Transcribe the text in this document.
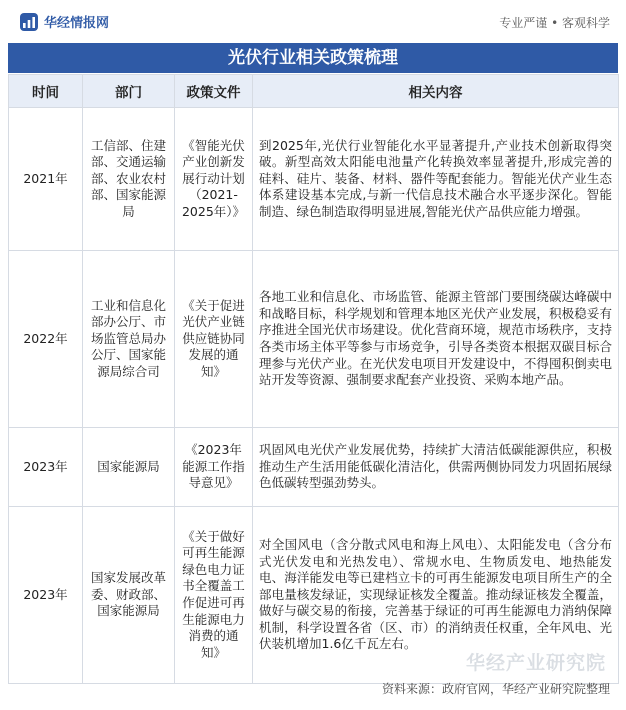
华经情报网	专业严谨 • 客观科学
光伏行业相关政策梳理
时间	部门	政策文件	相关内容
2021年	工信部、住建部、交通运输部、农业农村部、国家能源局	《智能光伏产业创新发展行动计划（2021-2025年）》	到2025年,光伏行业智能化水平显著提升,产业技术创新取得突破。新型高效太阳能电池量产化转换效率显著提升,形成完善的硅料、硅片、装备、材料、器件等配套能力。智能光伏产业生态体系建设基本完成,与新一代信息技术融合水平逐步深化。智能制造、绿色制造取得明显进展,智能光伏产品供应能力增强。
2022年	工业和信息化部办公厅、市场监管总局办公厅、国家能源局综合司	《关于促进光伏产业链供应链协同发展的通知》	各地工业和信息化、市场监管、能源主管部门要围绕碳达峰碳中和战略目标，科学规划和管理本地区光伏产业发展，积极稳妥有序推进全国光伏市场建设。优化营商环境，规范市场秩序，支持各类市场主体平等参与市场竞争，引导各类资本根据双碳目标合理参与光伏产业。在光伏发电项目开发建设中，不得囤积倒卖电站开发等资源、强制要求配套产业投资、采购本地产品。
2023年	国家能源局	《2023年能源工作指导意见》	巩固风电光伏产业发展优势，持续扩大清洁低碳能源供应，积极推动生产生活用能低碳化清洁化，供需两侧协同发力巩固拓展绿色低碳转型强劲势头。
2023年	国家发展改革委、财政部、国家能源局	《关于做好可再生能源绿色电力证书全覆盖工作促进可再生能源电力消费的通知》	对全国风电（含分散式风电和海上风电）、太阳能发电（含分布式光伏发电和光热发电）、常规水电、生物质发电、地热能发电、海洋能发电等已建档立卡的可再生能源发电项目所生产的全部电量核发绿证，实现绿证核发全覆盖。推动绿证核发全覆盖，做好与碳交易的衔接，完善基于绿证的可再生能源电力消纳保障机制，科学设置各省（区、市）的消纳责任权重，全年风电、光伏装机增加1.6亿千瓦左右。
华经产业研究院
资料来源：政府官网，华经产业研究院整理
